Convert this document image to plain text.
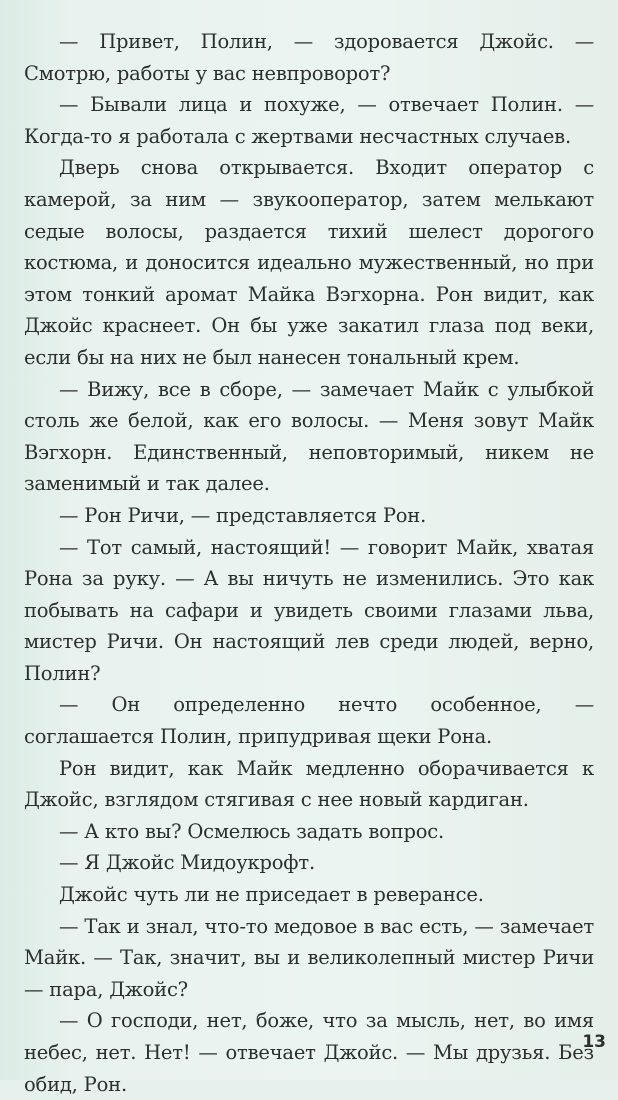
— Привет, Полин, — здоровается Джойс. — Смотрю, работы у вас невпроворот?

— Бывали лица и похуже, — отвечает Полин. — Когда-то я работала с жертвами несчастных случаев.

Дверь снова открывается. Входит оператор с камерой, за ним — звукооператор, затем мелькают седые волосы, раздается тихий шелест дорогого костюма, и доносится идеально мужественный, но при этом тонкий аромат Майка Вэгхорна. Рон видит, как Джойс краснеет. Он бы уже закатил глаза под веки, если бы на них не был нанесен тональный крем.

— Вижу, все в сборе, — замечает Майк с улыбкой столь же белой, как его волосы. — Меня зовут Майк Вэгхорн. Единственный, неповторимый, никем не заменимый и так далее.

— Рон Ричи, — представляется Рон.

— Тот самый, настоящий! — говорит Майк, хватая Рона за руку. — А вы ничуть не изменились. Это как побывать на сафари и увидеть своими глазами льва, мистер Ричи. Он настоящий лев среди людей, верно, Полин?

— Он определенно нечто особенное, — соглашается Полин, припудривая щеки Рона.

Рон видит, как Майк медленно оборачивается к Джойс, взглядом стягивая с нее новый кардиган.

— А кто вы? Осмелюсь задать вопрос.

— Я Джойс Мидоукрофт.

Джойс чуть ли не приседает в реверансе.

— Так и знал, что-то медовое в вас есть, — замечает Майк. — Так, значит, вы и великолепный мистер Ричи — пара, Джойс?

— О господи, нет, боже, что за мысль, нет, во имя небес, нет. Нет! — отвечает Джойс. — Мы друзья. Без обид, Рон.

13
